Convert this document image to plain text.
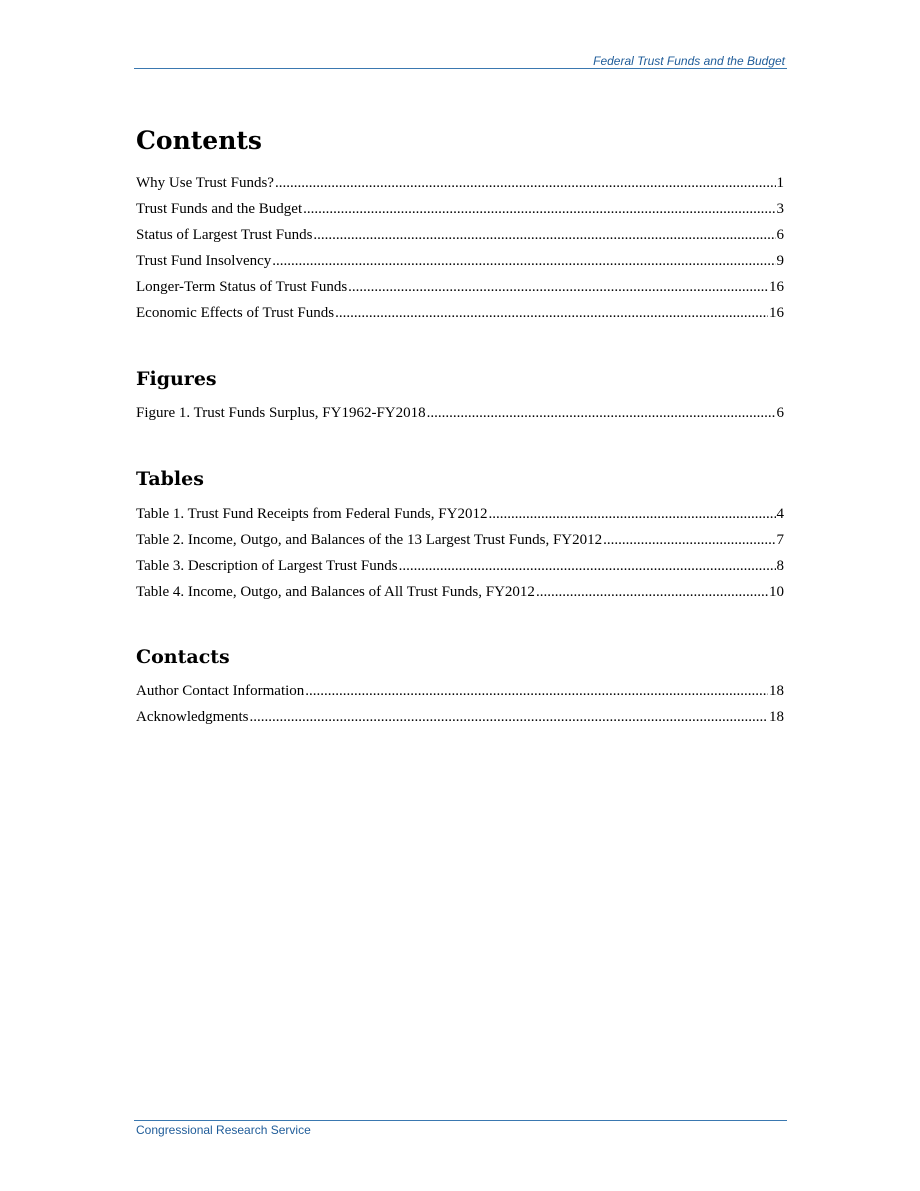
Federal Trust Funds and the Budget
Contents
Why Use Trust Funds? .....	1
Trust Funds and the Budget .....	3
Status of Largest Trust Funds .....	6
Trust Fund Insolvency .....	9
Longer-Term Status of Trust Funds .....	16
Economic Effects of Trust Funds .....	16
Figures
Figure 1. Trust Funds Surplus, FY1962-FY2018 .....	6
Tables
Table 1. Trust Fund Receipts from Federal Funds, FY2012 .....	4
Table 2. Income, Outgo, and Balances of the 13 Largest Trust Funds, FY2012 .....	7
Table 3. Description of Largest Trust Funds .....	8
Table 4. Income, Outgo, and Balances of All Trust Funds, FY2012 .....	10
Contacts
Author Contact Information .....	18
Acknowledgments .....	18
Congressional Research Service
